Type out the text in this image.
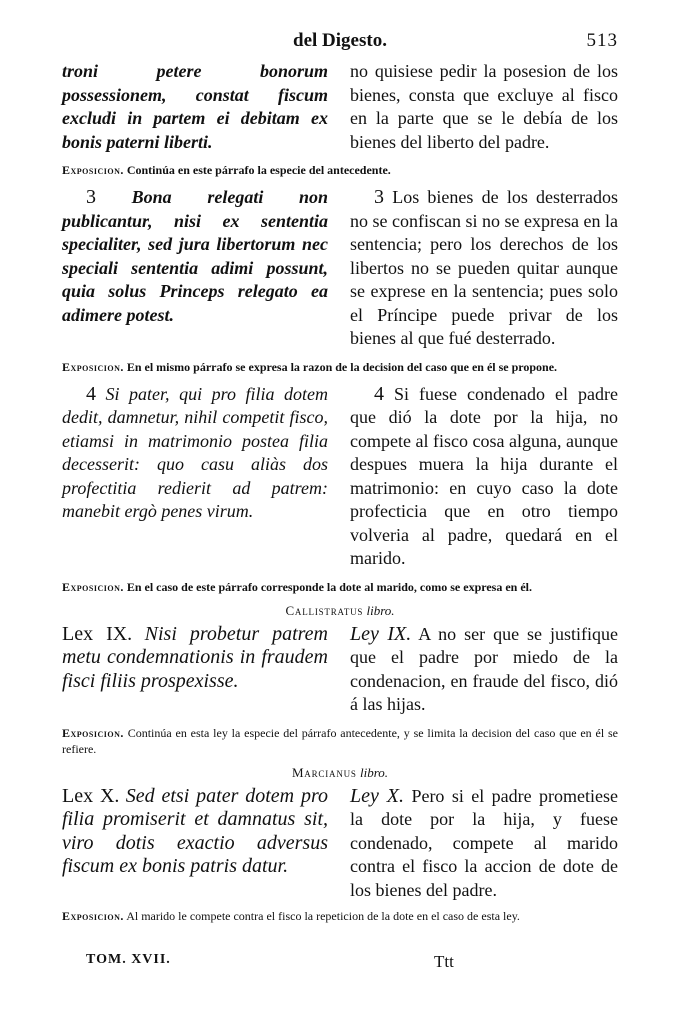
del Digesto.	513
troni petere bonorum possessionem, constat fiscum excludi in partem ei debitam ex bonis paterni liberti.
no quisiese pedir la posesion de los bienes, consta que excluye al fisco en la parte que se le debía de los bienes del liberto del padre.
Exposicion. Continúa en este párrafo la especie del antecedente.
3 Bona relegati non publicantur, nisi ex sententia specialiter, sed jura libertorum nec speciali sententia adimi possunt, quia solus Princeps relegato ea adimere potest.
3 Los bienes de los desterrados no se confiscan si no se expresa en la sentencia; pero los derechos de los libertos no se pueden quitar aunque se exprese en la sentencia; pues solo el Príncipe puede privar de los bienes al que fué desterrado.
Exposicion. En el mismo párrafo se expresa la razon de la decision del caso que en él se propone.
4 Si pater, qui pro filia dotem dedit, damnetur, nihil competit fisco, etiamsi in matrimonio postea filia decesserit: quo casu aliàs dos profectitia redierit ad patrem: manebit ergò penes virum.
4 Si fuese condenado el padre que dió la dote por la hija, no compete al fisco cosa alguna, aunque despues muera la hija durante el matrimonio: en cuyo caso la dote profecticia que en otro tiempo volveria al padre, quedará en el marido.
Exposicion. En el caso de este párrafo corresponde la dote al marido, como se expresa en él.
Callistratus libro.
Lex IX. Nisi probetur patrem metu condemnationis in fraudem fisci filiis prospexisse.
Ley IX. A no ser que se justifique que el padre por miedo de la condenacion, en fraude del fisco, dió á las hijas.
Exposicion. Continúa en esta ley la especie del párrafo antecedente, y se limita la decision del caso que en él se refiere.
Marcianus libro.
Lex X. Sed etsi pater dotem pro filia promiserit et damnatus sit, viro dotis exactio adversus fiscum ex bonis patris datur.
Ley X. Pero si el padre prometiese la dote por la hija, y fuese condenado, compete al marido contra el fisco la accion de dote de los bienes del padre.
Exposicion. Al marido le compete contra el fisco la repeticion de la dote en el caso de esta ley.
TOM. XVII.	Ttt
